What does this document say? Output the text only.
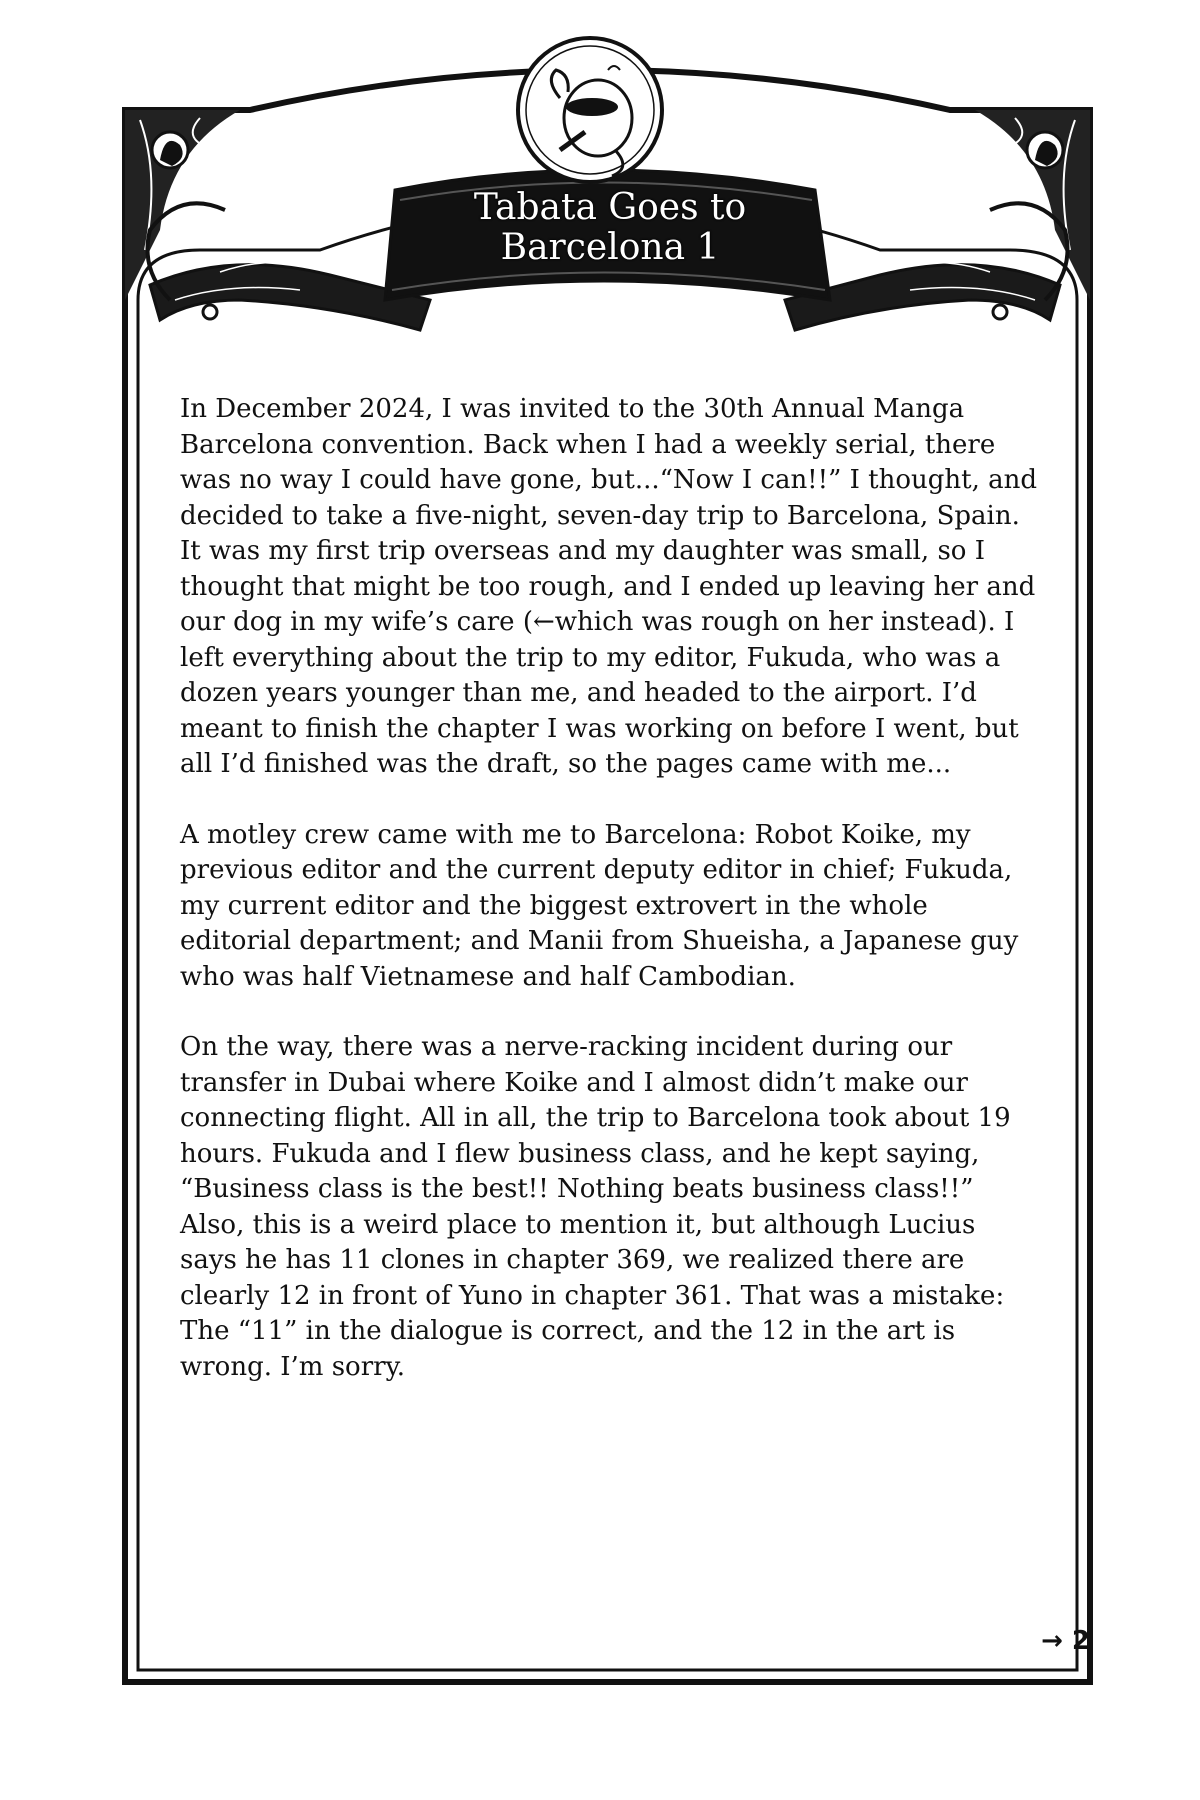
Tabata Goes to
Barcelona 1

In December 2024, I was invited to the 30th Annual Manga Barcelona convention. Back when I had a weekly serial, there was no way I could have gone, but...“Now I can!!” I thought, and decided to take a five-night, seven-day trip to Barcelona, Spain. It was my first trip overseas and my daughter was small, so I thought that might be too rough, and I ended up leaving her and our dog in my wife’s care (←which was rough on her instead). I left everything about the trip to my editor, Fukuda, who was a dozen years younger than me, and headed to the airport. I’d meant to finish the chapter I was working on before I went, but all I’d finished was the draft, so the pages came with me...

A motley crew came with me to Barcelona: Robot Koike, my previous editor and the current deputy editor in chief; Fukuda, my current editor and the biggest extrovert in the whole editorial department; and Manii from Shueisha, a Japanese guy who was half Vietnamese and half Cambodian.

On the way, there was a nerve-racking incident during our transfer in Dubai where Koike and I almost didn’t make our connecting flight. All in all, the trip to Barcelona took about 19 hours. Fukuda and I flew business class, and he kept saying, “Business class is the best!! Nothing beats business class!!” Also, this is a weird place to mention it, but although Lucius says he has 11 clones in chapter 369, we realized there are clearly 12 in front of Yuno in chapter 361. That was a mistake: The “11” in the dialogue is correct, and the 12 in the art is wrong. I’m sorry.

→ 2
